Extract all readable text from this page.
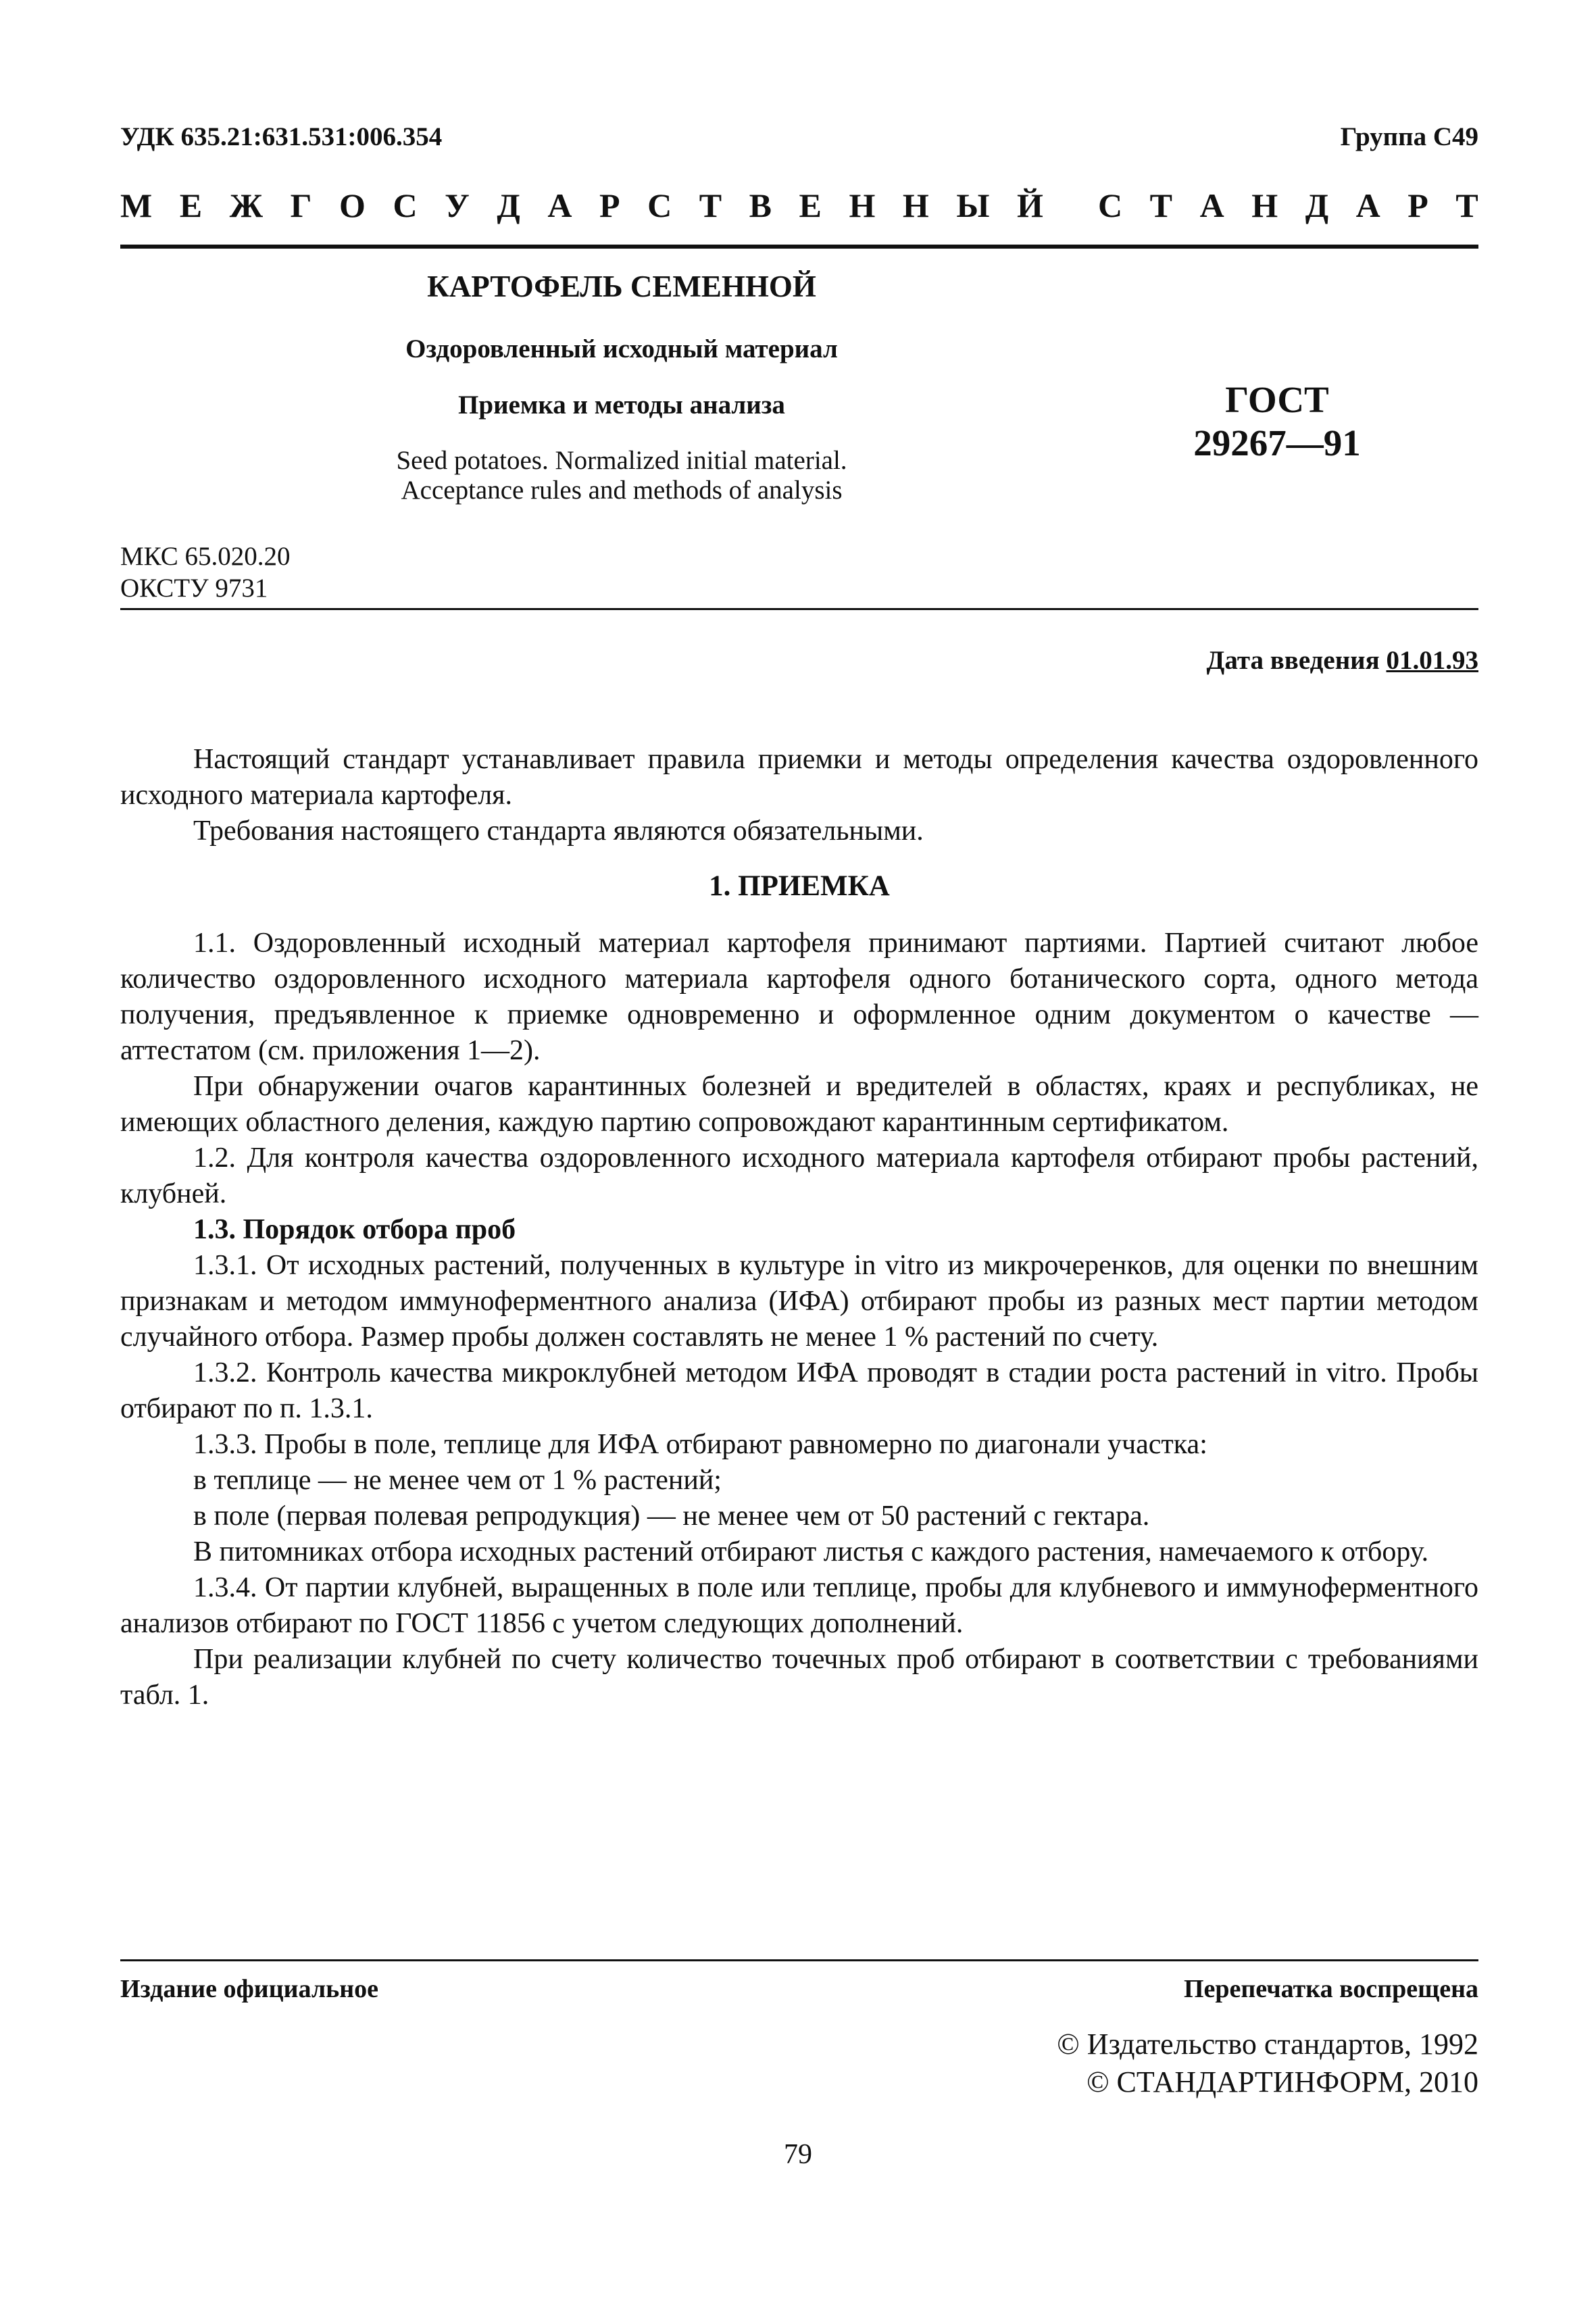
УДК 635.21:631.531:006.354	Группа С49
М Е Ж Г О С У Д А Р С Т В Е Н Н Ы Й С Т А Н Д А Р Т

КАРТОФЕЛЬ СЕМЕННОЙ

Оздоровленный исходный материал

Приемка и методы анализа

Seed potatoes. Normalized initial material.
Acceptance rules and methods of analysis
ГОСТ
29267—91
МКС 65.020.20
ОКСТУ 9731
Дата введения 01.01.93

Настоящий стандарт устанавливает правила приемки и методы определения качества оздоровленного исходного материала картофеля.

Требования настоящего стандарта являются обязательными.

1. ПРИЕМКА

1.1. Оздоровленный исходный материал картофеля принимают партиями. Партией считают любое количество оздоровленного исходного материала картофеля одного ботанического сорта, одного метода получения, предъявленное к приемке одновременно и оформленное одним документом о качестве — аттестатом (см. приложения 1—2).

При обнаружении очагов карантинных болезней и вредителей в областях, краях и республиках, не имеющих областного деления, каждую партию сопровождают карантинным сертификатом.

1.2. Для контроля качества оздоровленного исходного материала картофеля отбирают пробы растений, клубней.

1.3. Порядок отбора проб

1.3.1. От исходных растений, полученных в культуре in vitro из микрочеренков, для оценки по внешним признакам и методом иммуноферментного анализа (ИФА) отбирают пробы из разных мест партии методом случайного отбора. Размер пробы должен составлять не менее 1 % растений по счету.

1.3.2. Контроль качества микроклубней методом ИФА проводят в стадии роста растений in vitro. Пробы отбирают по п. 1.3.1.

1.3.3. Пробы в поле, теплице для ИФА отбирают равномерно по диагонали участка:

в теплице — не менее чем от 1 % растений;

в поле (первая полевая репродукция) — не менее чем от 50 растений с гектара.

В питомниках отбора исходных растений отбирают листья с каждого растения, намечаемого к отбору.

1.3.4. От партии клубней, выращенных в поле или теплице, пробы для клубневого и иммуноферментного анализов отбирают по ГОСТ 11856 с учетом следующих дополнений.

При реализации клубней по счету количество точечных проб отбирают в соответствии с требованиями табл. 1.

Издание официальное	Перепечатка воспрещена
© Издательство стандартов, 1992
© СТАНДАРТИНФОРМ, 2010
79
